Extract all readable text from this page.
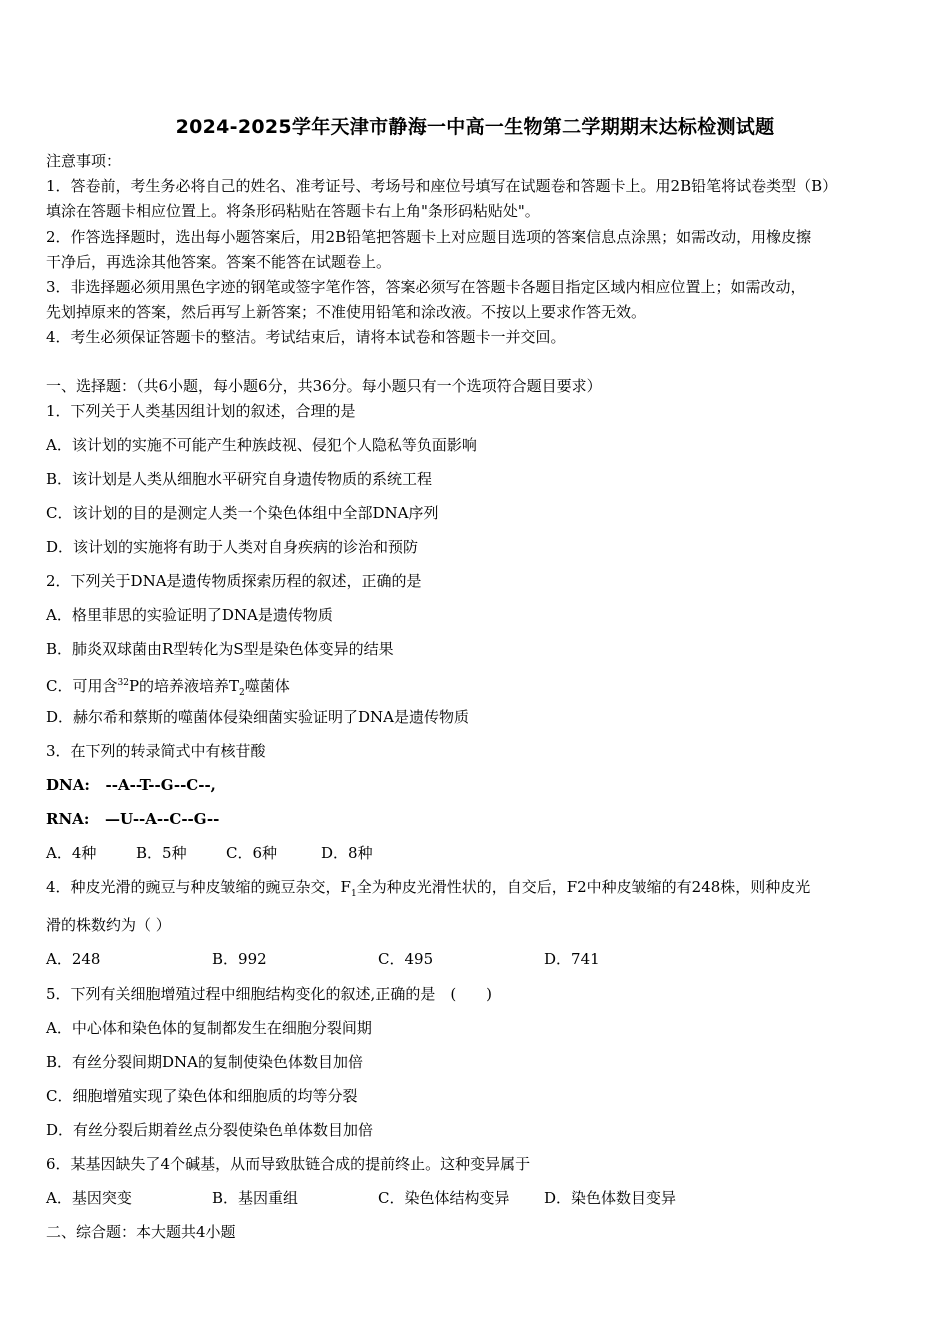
2024-2025学年天津市静海一中高一生物第二学期期末达标检测试题
注意事项：
1．答卷前，考生务必将自己的姓名、准考证号、考场号和座位号填写在试题卷和答题卡上。用2B铅笔将试卷类型（B）
填涂在答题卡相应位置上。将条形码粘贴在答题卡右上角"条形码粘贴处"。
2．作答选择题时，选出每小题答案后，用2B铅笔把答题卡上对应题目选项的答案信息点涂黑；如需改动，用橡皮擦
干净后，再选涂其他答案。答案不能答在试题卷上。
3．非选择题必须用黑色字迹的钢笔或签字笔作答，答案必须写在答题卡各题目指定区域内相应位置上；如需改动，
先划掉原来的答案，然后再写上新答案；不准使用铅笔和涂改液。不按以上要求作答无效。
4．考生必须保证答题卡的整洁。考试结束后，请将本试卷和答题卡一并交回。
一、选择题：（共6小题，每小题6分，共36分。每小题只有一个选项符合题目要求）
1．下列关于人类基因组计划的叙述，合理的是
A．该计划的实施不可能产生种族歧视、侵犯个人隐私等负面影响
B．该计划是人类从细胞水平研究自身遗传物质的系统工程
C．该计划的目的是测定人类一个染色体组中全部DNA序列
D．该计划的实施将有助于人类对自身疾病的诊治和预防
2．下列关于DNA是遗传物质探索历程的叙述，正确的是
A．格里菲思的实验证明了DNA是遗传物质
B．肺炎双球菌由R型转化为S型是染色体变异的结果
C．可用含$^{32}$P的培养液培养$T_2$噬菌体
D．赫尔希和蔡斯的噬菌体侵染细菌实验证明了DNA是遗传物质
3．在下列的转录简式中有核苷酸
DNA:   --A--T--G--C--,
RNA:   —U--A--C--G--
A．4种	B．5种	C．6种	D．8种
4．种皮光滑的豌豆与种皮皱缩的豌豆杂交，$F_1$全为种皮光滑性状的，自交后，F2中种皮皱缩的有248株，则种皮光
滑的株数约为（ ）
A．248	B．992	C．495	D．741
5．下列有关细胞增殖过程中细胞结构变化的叙述,正确的是　(　　)
A．中心体和染色体的复制都发生在细胞分裂间期
B．有丝分裂间期DNA的复制使染色体数目加倍
C．细胞增殖实现了染色体和细胞质的均等分裂
D．有丝分裂后期着丝点分裂使染色单体数目加倍
6．某基因缺失了4个碱基，从而导致肽链合成的提前终止。这种变异属于
A．基因突变	B．基因重组	C．染色体结构变异 D．染色体数目变异
二、综合题：本大题共4小题
